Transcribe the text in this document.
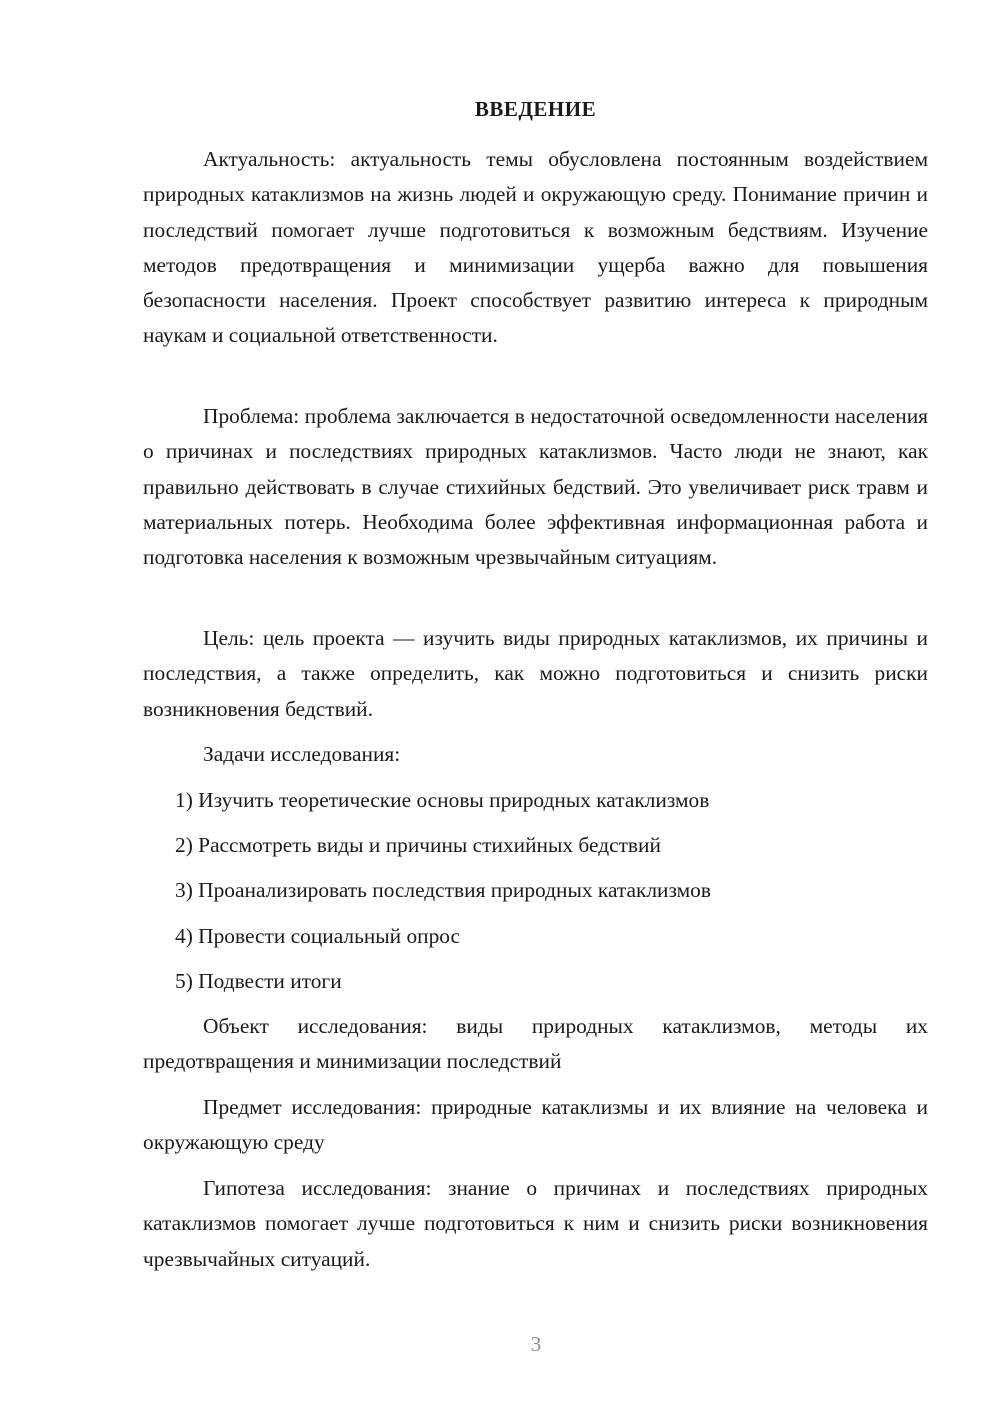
ВВЕДЕНИЕ

Актуальность: актуальность темы обусловлена постоянным воздействием природных катаклизмов на жизнь людей и окружающую среду. Понимание причин и последствий помогает лучше подготовиться к возможным бедствиям. Изучение методов предотвращения и минимизации ущерба важно для повышения безопасности населения. Проект способствует развитию интереса к природным наукам и социальной ответственности.

Проблема: проблема заключается в недостаточной осведомленности населения о причинах и последствиях природных катаклизмов. Часто люди не знают, как правильно действовать в случае стихийных бедствий. Это увеличивает риск травм и материальных потерь. Необходима более эффективная информационная работа и подготовка населения к возможным чрезвычайным ситуациям.

Цель: цель проекта — изучить виды природных катаклизмов, их причины и последствия, а также определить, как можно подготовиться и снизить риски возникновения бедствий.

Задачи исследования:

1) Изучить теоретические основы природных катаклизмов

2) Рассмотреть виды и причины стихийных бедствий

3) Проанализировать последствия природных катаклизмов

4) Провести социальный опрос

5) Подвести итоги

Объект исследования: виды природных катаклизмов, методы их предотвращения и минимизации последствий

Предмет исследования: природные катаклизмы и их влияние на человека и окружающую среду

Гипотеза исследования: знание о причинах и последствиях природных катаклизмов помогает лучше подготовиться к ним и снизить риски возникновения чрезвычайных ситуаций.

3
